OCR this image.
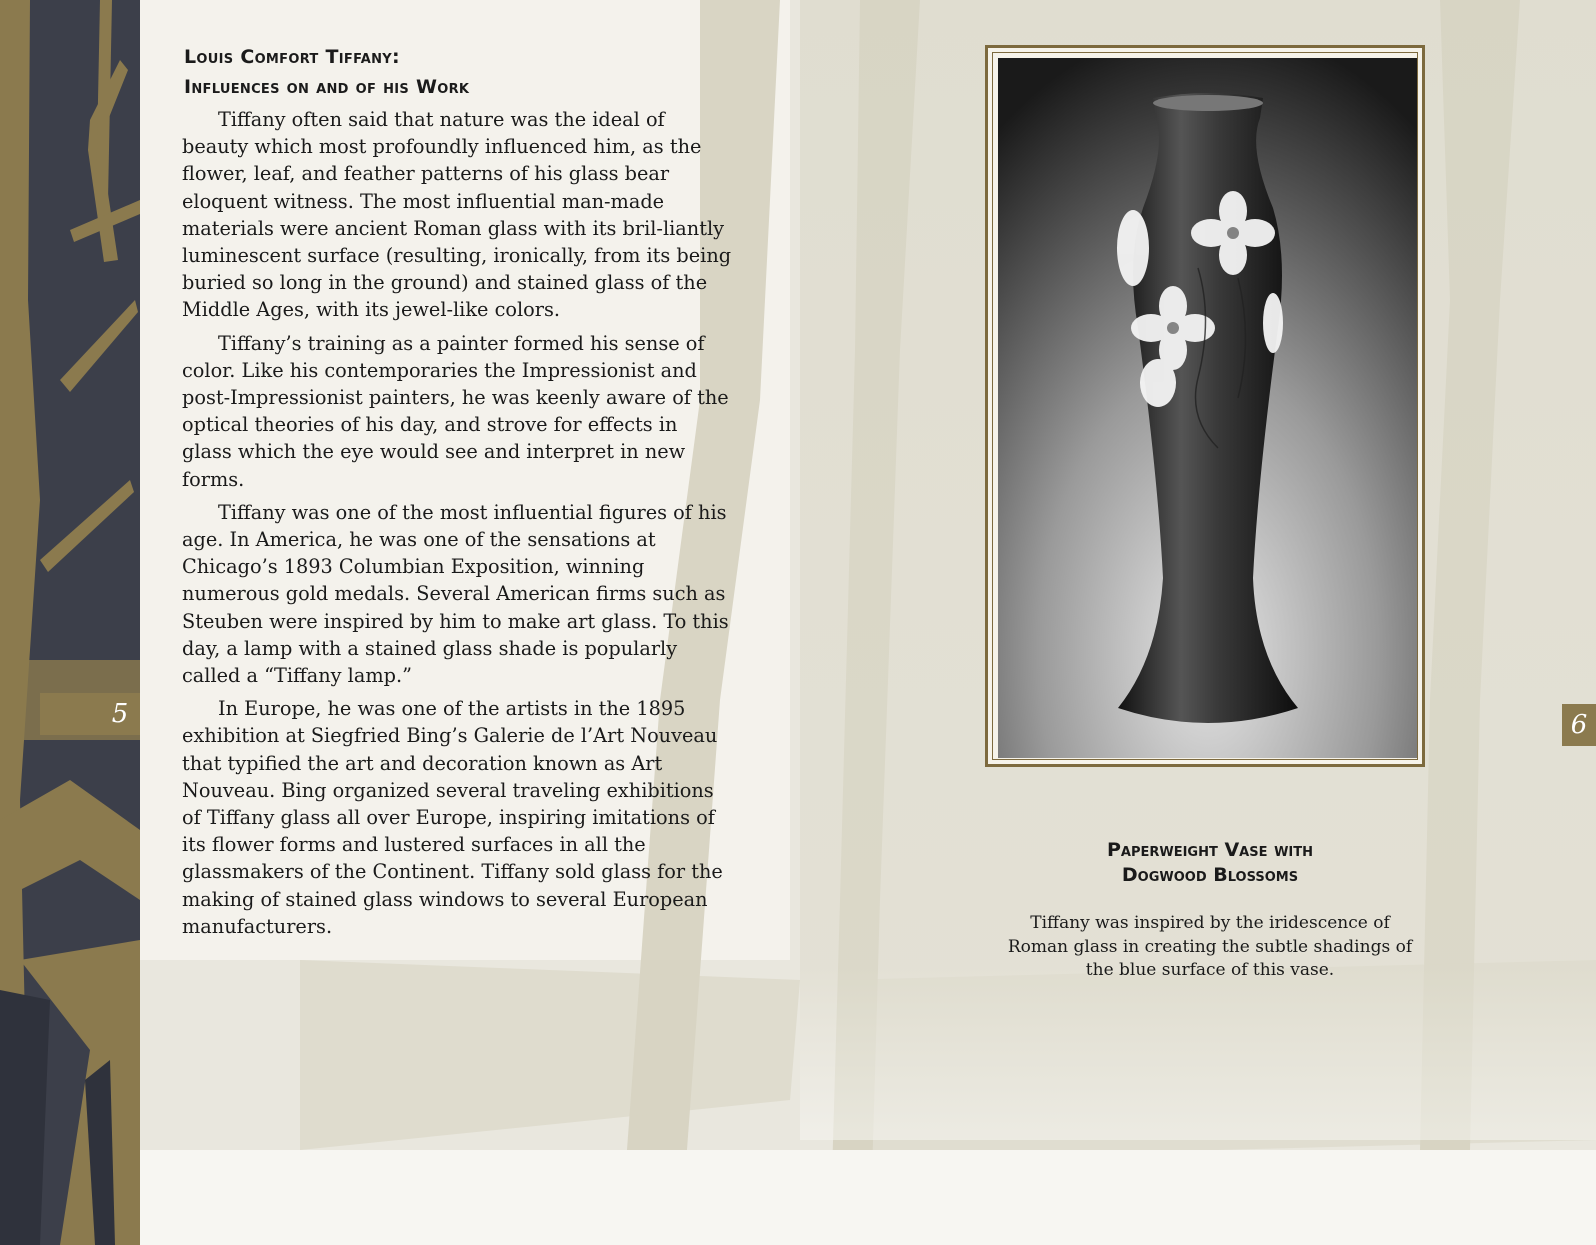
5
Louis Comfort Tiffany:
Influences on and of his Work

Tiffany often said that nature was the ideal of beauty which most profoundly influenced him, as the flower, leaf, and feather patterns of his glass bear eloquent witness. The most influential man-made materials were ancient Roman glass with its bril-liantly luminescent surface (resulting, ironically, from its being buried so long in the ground) and stained glass of the Middle Ages, with its jewel-like colors.

Tiffany’s training as a painter formed his sense of color. Like his contemporaries the Impressionist and post-Impressionist painters, he was keenly aware of the optical theories of his day, and strove for effects in glass which the eye would see and interpret in new forms.

Tiffany was one of the most influential figures of his age. In America, he was one of the sensations at Chicago’s 1893 Columbian Exposition, winning numerous gold medals. Several American firms such as Steuben were inspired by him to make art glass. To this day, a lamp with a stained glass shade is popularly called a “Tiffany lamp.”

In Europe, he was one of the artists in the 1895 exhibition at Siegfried Bing’s Galerie de l’Art Nouveau that typified the art and decoration known as Art Nouveau. Bing organized several traveling exhibitions of Tiffany glass all over Europe, inspiring imitations of its flower forms and lustered surfaces in all the glassmakers of the Continent. Tiffany sold glass for the making of stained glass windows to several European manufacturers.

Paperweight Vase with
Dogwood Blossoms
Tiffany was inspired by the iridescence of Roman glass in creating the subtle shadings of the blue surface of this vase.
6
